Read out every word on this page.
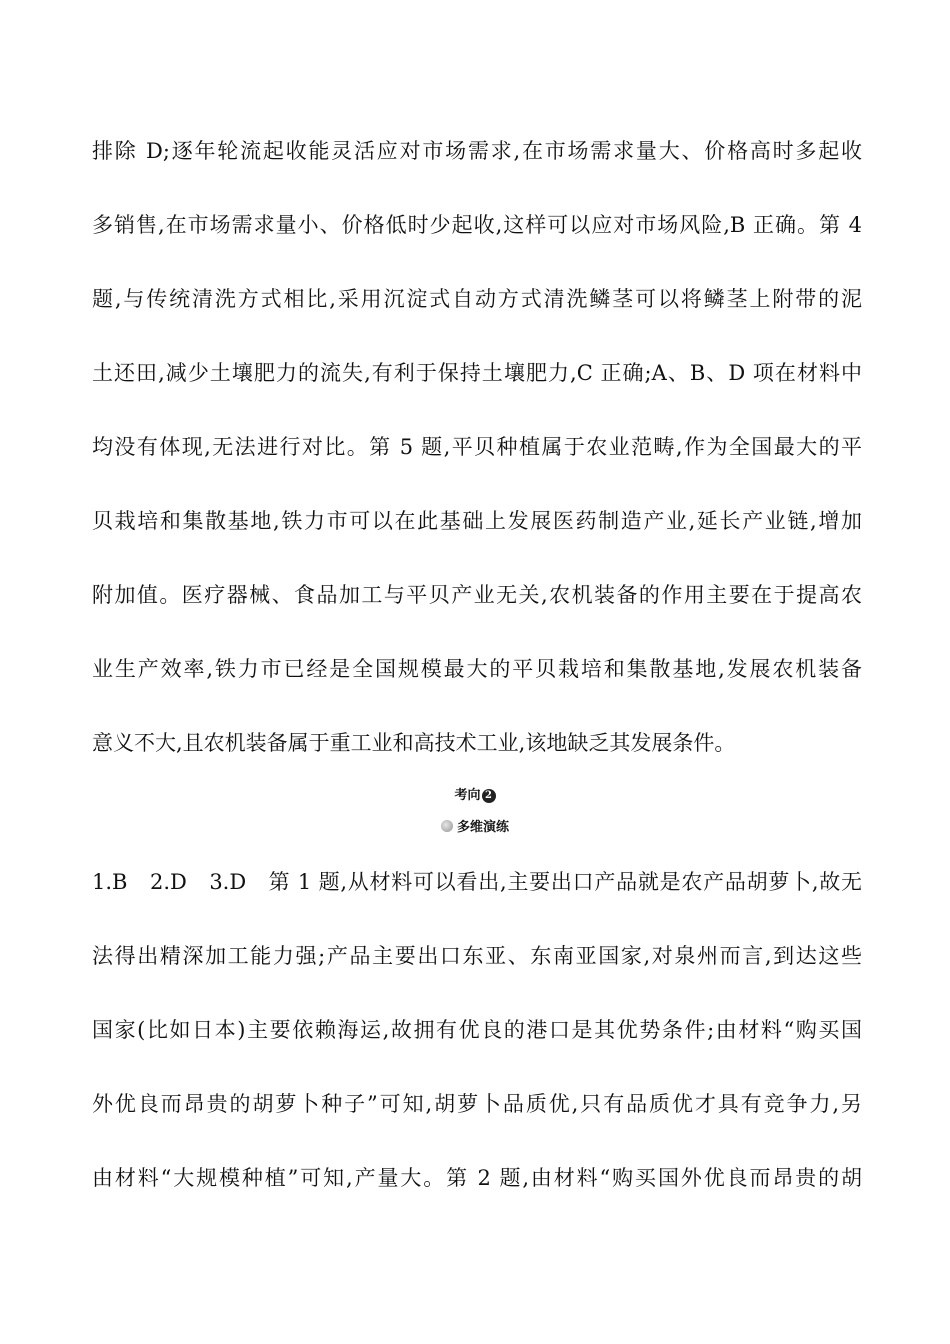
排除 D;逐年轮流起收能灵活应对市场需求,在市场需求量大、价格高时多起收
多销售,在市场需求量小、价格低时少起收,这样可以应对市场风险,B 正确。第 4
题,与传统清洗方式相比,采用沉淀式自动方式清洗鳞茎可以将鳞茎上附带的泥
土还田,减少土壤肥力的流失,有利于保持土壤肥力,C 正确;A、B、D 项在材料中
均没有体现,无法进行对比。第 5 题,平贝种植属于农业范畴,作为全国最大的平
贝栽培和集散基地,铁力市可以在此基础上发展医药制造产业,延长产业链,增加
附加值。医疗器械、食品加工与平贝产业无关,农机装备的作用主要在于提高农
业生产效率,铁力市已经是全国规模最大的平贝栽培和集散基地,发展农机装备
意义不大,且农机装备属于重工业和高技术工业,该地缺乏其发展条件。
考向 2
多维演练
1.B　2.D　3.D　第 1 题,从材料可以看出,主要出口产品就是农产品胡萝卜,故无
法得出精深加工能力强;产品主要出口东亚、东南亚国家,对泉州而言,到达这些
国家(比如日本)主要依赖海运,故拥有优良的港口是其优势条件;由材料“购买国
外优良而昂贵的胡萝卜种子”可知,胡萝卜品质优,只有品质优才具有竞争力,另
由材料“大规模种植”可知,产量大。第 2 题,由材料“购买国外优良而昂贵的胡
